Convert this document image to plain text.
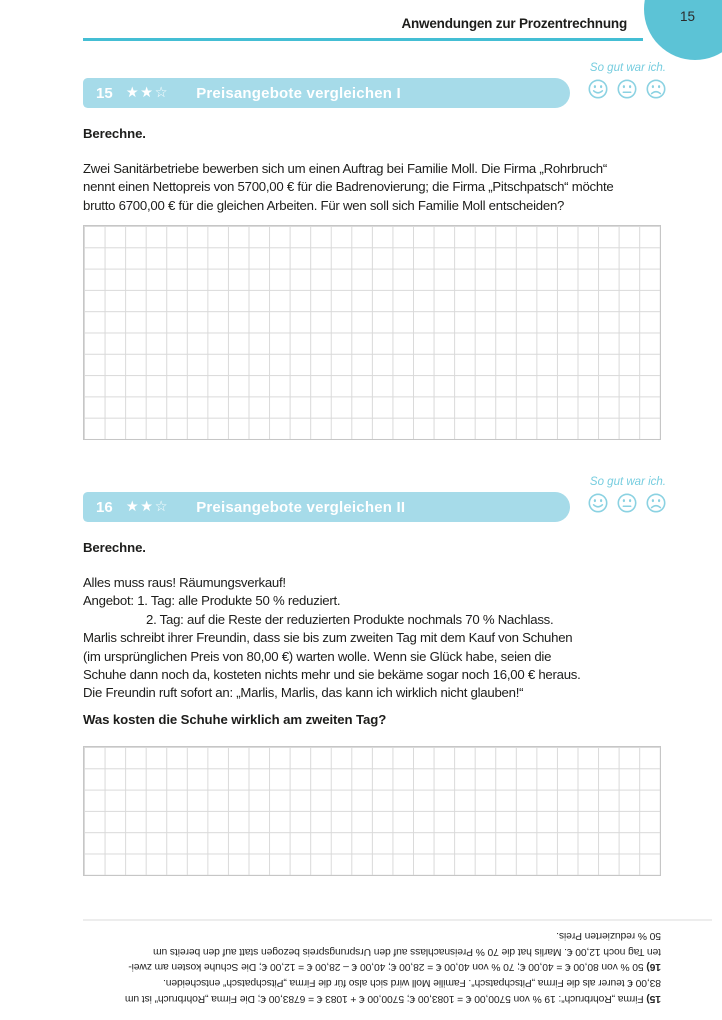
Anwendungen zur Prozentrechnung	15
So gut war ich.
15 ★★☆ Preisangebote vergleichen I
Berechne.
Zwei Sanitärbetriebe bewerben sich um einen Auftrag bei Familie Moll. Die Firma „Rohrbruch“
nennt einen Nettopreis von 5700,00 € für die Badrenovierung; die Firma „Pitschpatsch“ möchte
brutto 6700,00 € für die gleichen Arbeiten. Für wen soll sich Familie Moll entscheiden?
So gut war ich.
16 ★★☆ Preisangebote vergleichen II
Berechne.
Alles muss raus! Räumungsverkauf!
Angebot: 1. Tag: alle Produkte 50 % reduziert.
2. Tag: auf die Reste der reduzierten Produkte nochmals 70 % Nachlass.
Marlis schreibt ihrer Freundin, dass sie bis zum zweiten Tag mit dem Kauf von Schuhen
(im ursprünglichen Preis von 80,00 €) warten wolle. Wenn sie Glück habe, seien die
Schuhe dann noch da, kosteten nichts mehr und sie bekäme sogar noch 16,00 € heraus.
Die Freundin ruft sofort an: „Marlis, Marlis, das kann ich wirklich nicht glauben!“
Was kosten die Schuhe wirklich am zweiten Tag?
15) Firma „Rohrbruch“: 19 % von 5700,00 € = 1083,00 €; 5700,00 € + 1083 € = 6783,00 €; Die Firma „Rohrbruch“ ist um
83,00 € teurer als die Firma „Pitschpatsch“. Familie Moll wird sich also für die Firma „Pitschpatsch“ entscheiden.
16) 50 % von 80,00 € = 40,00 €; 70 % von 40,00 € = 28,00 €; 40,00 € – 28,00 € = 12,00 €; Die Schuhe kosten am zwei-
ten Tag noch 12,00 €. Marlis hat die 70 % Preisnachlass auf den Ursprungspreis bezogen statt auf den bereits um
50 % reduzierten Preis.
